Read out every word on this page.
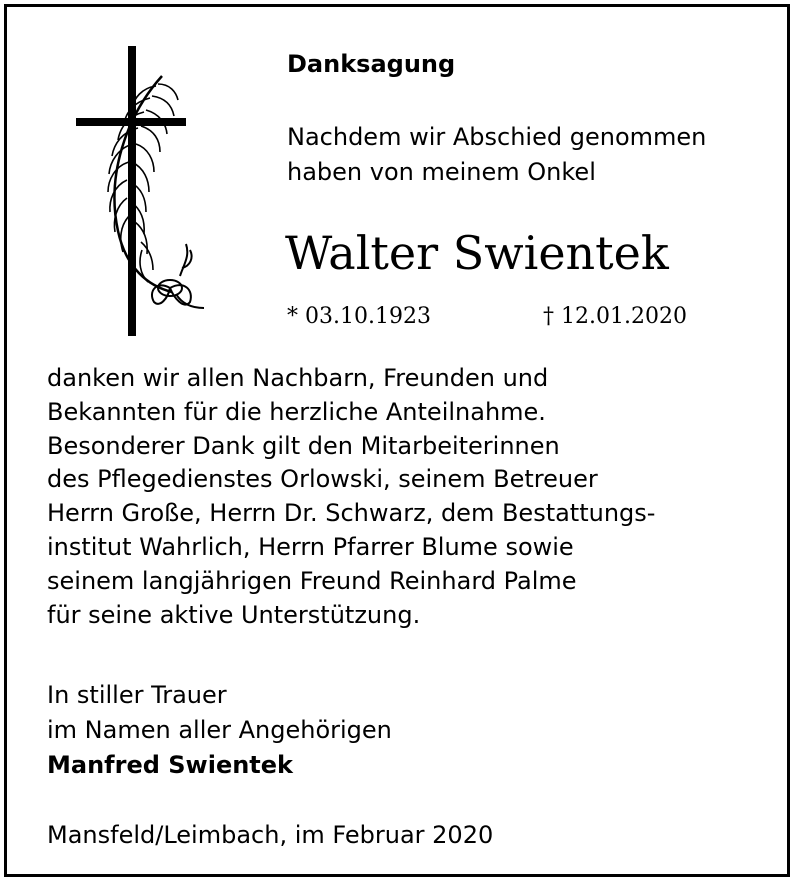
Danksagung
Nachdem wir Abschied genommen
haben von meinem Onkel
Walter Swientek
* 03.10.1923	† 12.01.2020
danken wir allen Nachbarn, Freunden und
Bekannten für die herzliche Anteilnahme.
Besonderer Dank gilt den Mitarbeiterinnen
des Pflegedienstes Orlowski, seinem Betreuer
Herrn Große, Herrn Dr. Schwarz, dem Bestattungs-
institut Wahrlich, Herrn Pfarrer Blume sowie
seinem langjährigen Freund Reinhard Palme
für seine aktive Unterstützung.
In stiller Trauer
im Namen aller Angehörigen
Manfred Swientek
Mansfeld/Leimbach, im Februar 2020
